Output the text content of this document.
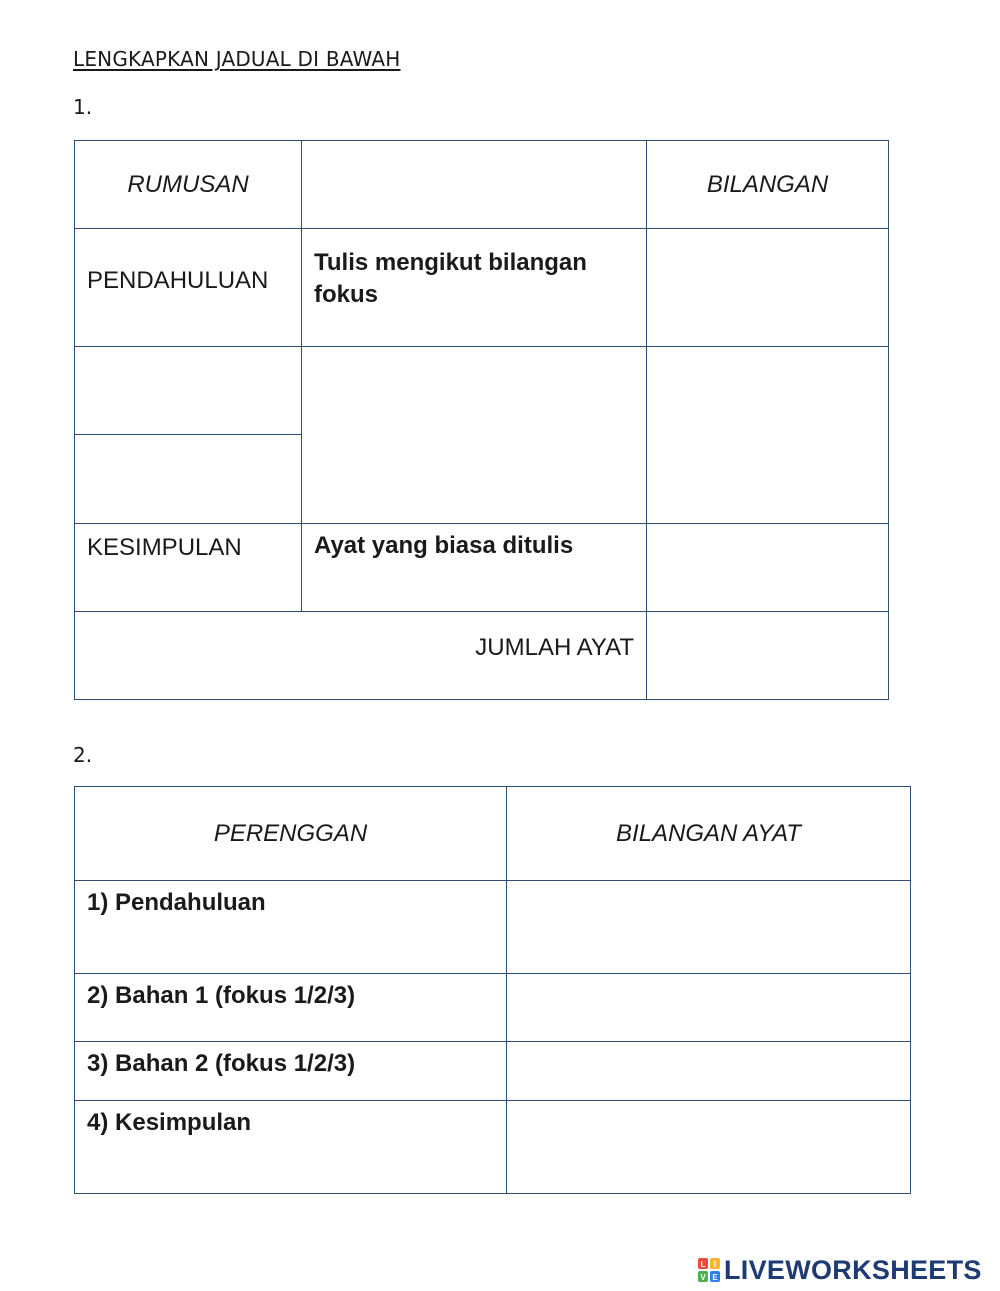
LENGKAPKAN JADUAL DI BAWAH
1.
RUMUSAN		BILANGAN
PENDAHULUAN	Tulis mengikut bilangan fokus	

KESIMPULAN	Ayat yang biasa ditulis	
JUMLAH AYAT		
2.
PERENGGAN	BILANGAN AYAT
1) Pendahuluan	
2) Bahan 1 (fokus 1/2/3)	
3) Bahan 2 (fokus 1/2/3)	
4) Kesimpulan	
L I
V E LIVEWORKSHEETS
